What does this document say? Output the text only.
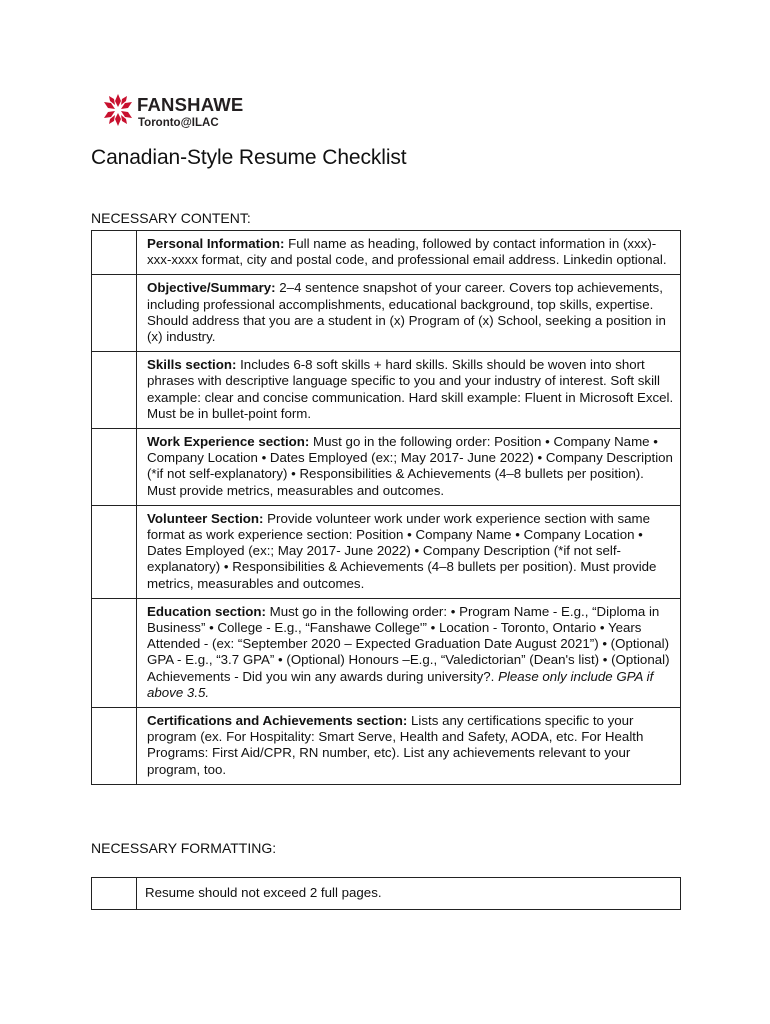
FANSHAWE
Toronto@ILAC
Canadian-Style Resume Checklist
NECESSARY CONTENT:
	Personal Information: Full name as heading, followed by contact information in (xxx)-xxx-xxxx format, city and postal code, and professional email address. Linkedin optional.
	Objective/Summary: 2–4 sentence snapshot of your career. Covers top achievements, including professional accomplishments, educational background, top skills, expertise. Should address that you are a student in (x) Program of (x) School, seeking a position in (x) industry.
	Skills section: Includes 6-8 soft skills + hard skills. Skills should be woven into short phrases with descriptive language specific to you and your industry of interest. Soft skill example: clear and concise communication. Hard skill example: Fluent in Microsoft Excel. Must be in bullet-point form.
	Work Experience section: Must go in the following order: Position • Company Name • Company Location • Dates Employed (ex:; May 2017- June 2022) • Company Description (*if not self-explanatory) • Responsibilities & Achievements (4–8 bullets per position). Must provide metrics, measurables and outcomes.
	Volunteer Section: Provide volunteer work under work experience section with same format as work experience section: Position • Company Name • Company Location • Dates Employed (ex:; May 2017- June 2022) • Company Description (*if not self-explanatory) • Responsibilities & Achievements (4–8 bullets per position). Must provide metrics, measurables and outcomes.
	Education section: Must go in the following order: • Program Name - E.g., “Diploma in Business” • College - E.g., “Fanshawe College'” • Location - Toronto, Ontario • Years Attended - (ex: “September 2020 – Expected Graduation Date August 2021”) • (Optional) GPA - E.g., “3.7 GPA” • (Optional) Honours –E.g., “Valedictorian” (Dean's list) • (Optional) Achievements - Did you win any awards during university?. Please only include GPA if above 3.5.
	Certifications and Achievements section: Lists any certifications specific to your program (ex. For Hospitality: Smart Serve, Health and Safety, AODA, etc. For Health Programs: First Aid/CPR, RN number, etc). List any achievements relevant to your program, too.
NECESSARY FORMATTING:
	Resume should not exceed 2 full pages.
